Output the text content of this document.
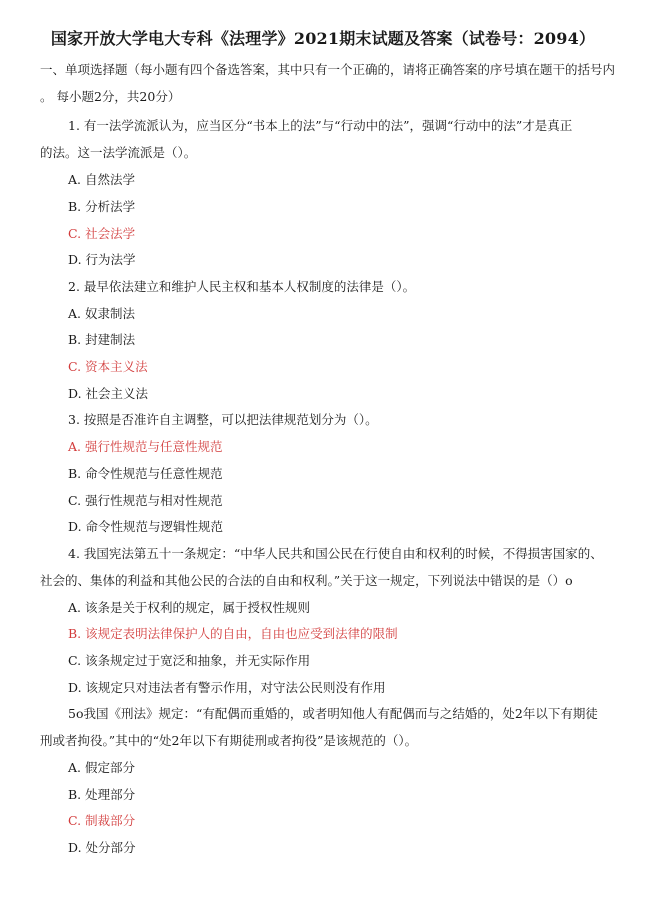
国家开放大学电大专科《法理学》2021期末试题及答案（试卷号：2094）
一、单项选择题（每小题有四个备选答案，其中只有一个正确的，请将正确答案的序号填在题干的括号内
。 每小题2分，共20分）
1. 有一法学流派认为，应当区分“书本上的法”与“行动中的法”，强调“行动中的法”才是真正
的法。这一法学流派是（）。
A. 自然法学
B. 分析法学
C. 社会法学
D. 行为法学
2. 最早依法建立和维护人民主权和基本人权制度的法律是（）。
A. 奴隶制法
B. 封建制法
C. 资本主义法
D. 社会主义法
3. 按照是否准许自主调整，可以把法律规范划分为（）。
A. 强行性规范与任意性规范
B. 命令性规范与任意性规范
C. 强行性规范与相对性规范
D. 命令性规范与逻辑性规范
4. 我国宪法第五十一条规定：“中华人民共和国公民在行使自由和权利的时候，不得损害国家的、
社会的、集体的利益和其他公民的合法的自由和权利。”关于这一规定，下列说法中错误的是（）o
A. 该条是关于权利的规定，属于授权性规则
B. 该规定表明法律保护人的自由，自由也应受到法律的限制
C. 该条规定过于宽泛和抽象，并无实际作用
D. 该规定只对违法者有警示作用，对守法公民则没有作用
5o我国《刑法》规定：“有配偶而重婚的，或者明知他人有配偶而与之结婚的，处2年以下有期徒
刑或者拘役。”其中的“处2年以下有期徒刑或者拘役”是该规范的（）。
A. 假定部分
B. 处理部分
C. 制裁部分
D. 处分部分
